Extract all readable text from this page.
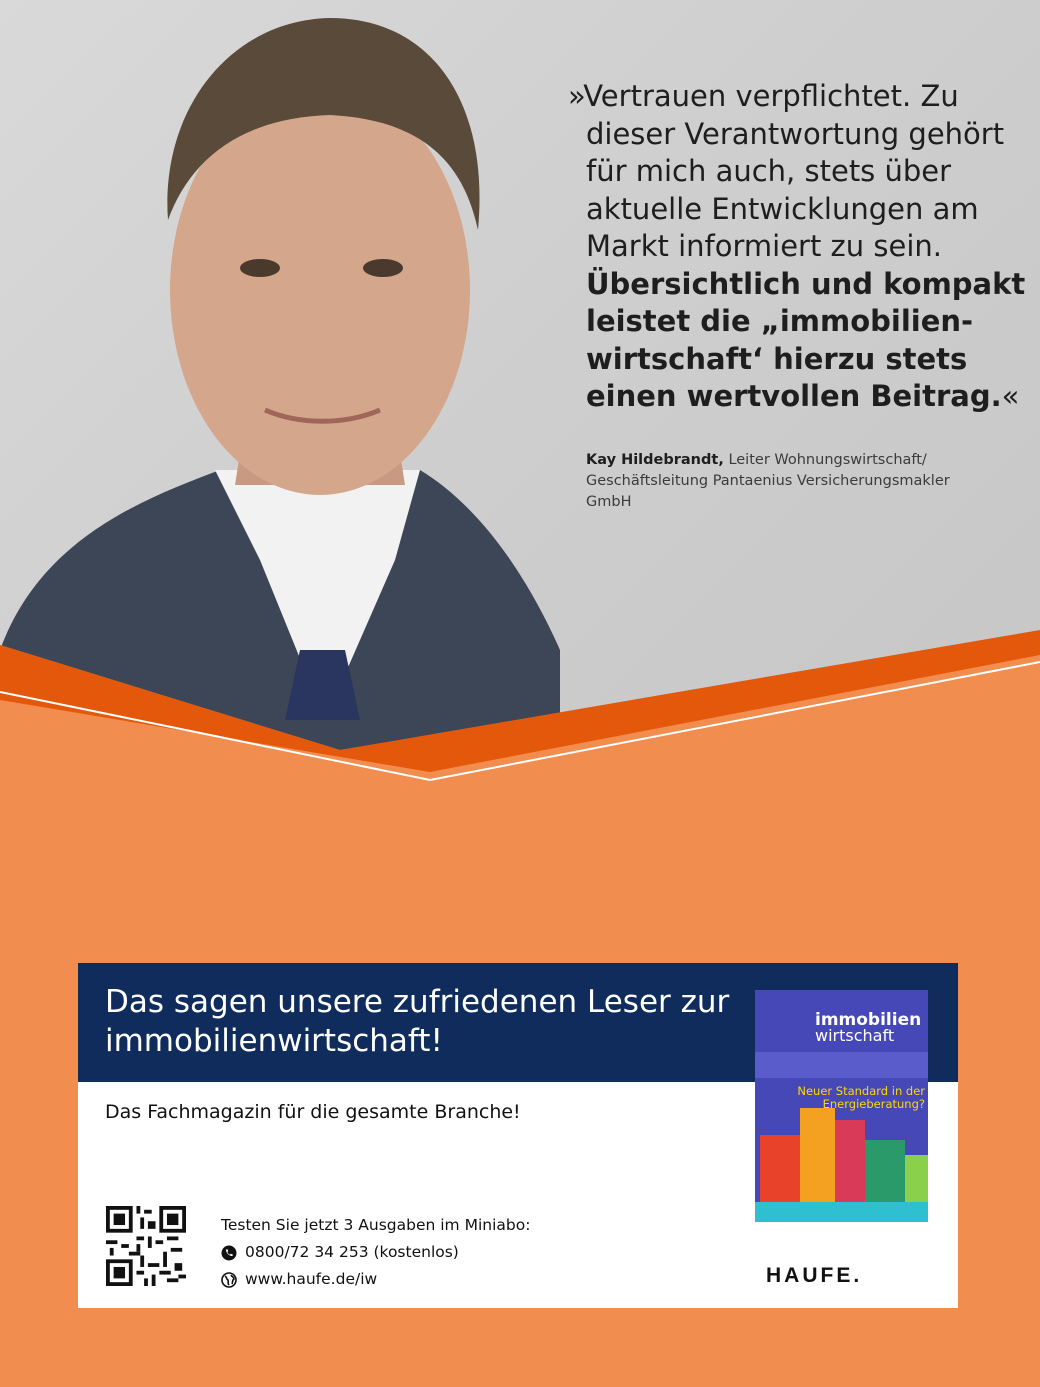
»Vertrauen verpflichtet. Zu
dieser Verantwortung gehört
für mich auch, stets über
aktuelle Entwicklungen am
Markt informiert zu sein.
Übersichtlich und kompakt
leistet die „immobilien-
wirtschaft‘ hierzu stets
einen wertvollen Beitrag.«
Kay Hildebrandt, Leiter Wohnungswirtschaft/ Geschäftsleitung Pantaenius Versicherungsmakler GmbH
Das sagen unsere zufriedenen Leser zur immobilienwirtschaft!
Das Fachmagazin für die gesamte Branche!
Testen Sie jetzt 3 Ausgaben im Miniabo:
0800/72 34 253 (kostenlos)
www.haufe.de/iw
immobilien
wirtschaft
Neuer Standard in der Energieberatung?
HAUFE.
